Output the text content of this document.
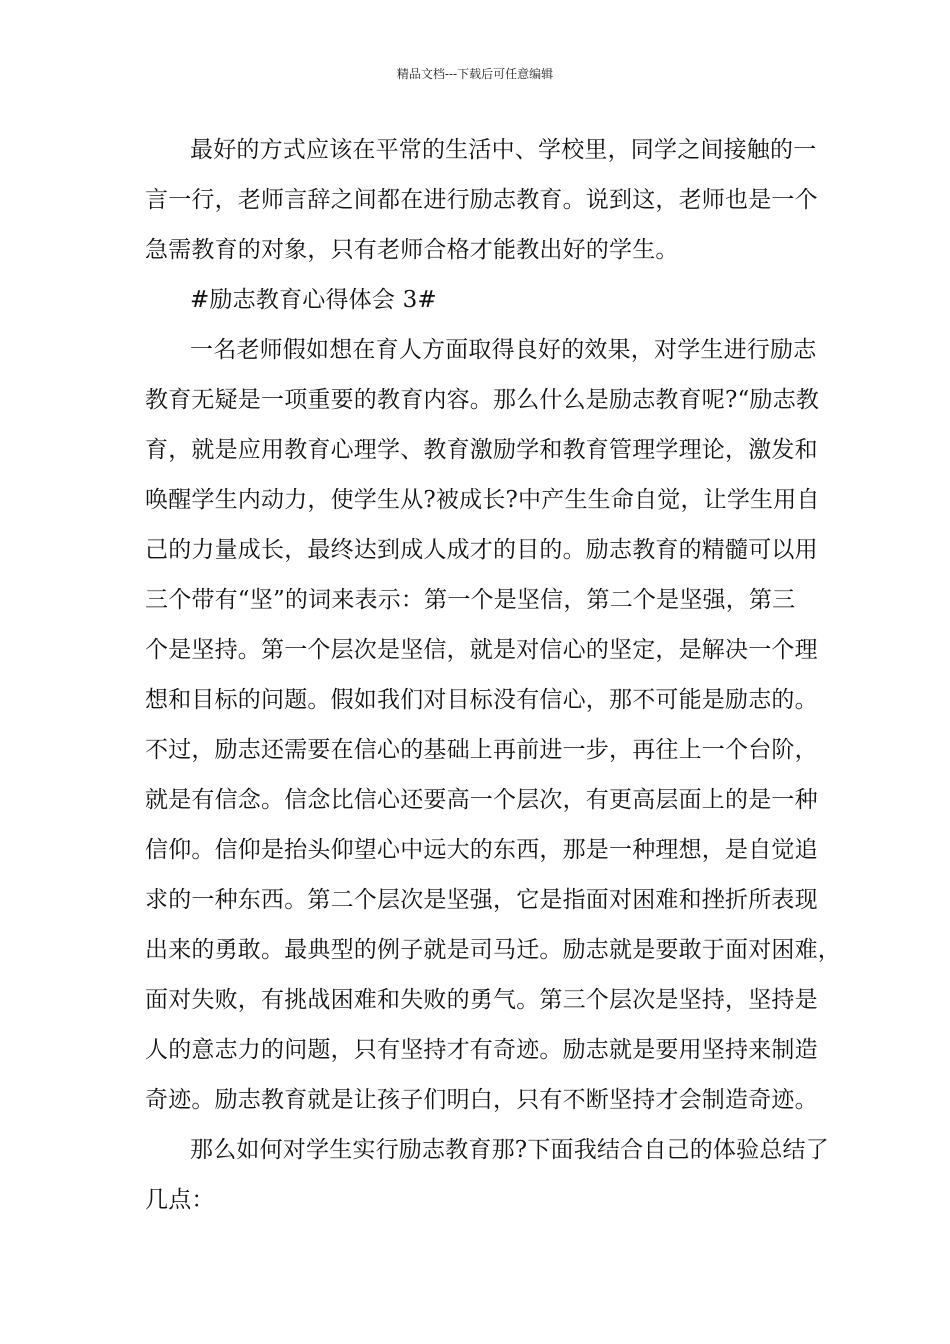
精品文档---下载后可任意编辑
最好的方式应该在平常的生活中、学校里，同学之间接触的一
言一行，老师言辞之间都在进行励志教育。说到这，老师也是一个
急需教育的对象，只有老师合格才能教出好的学生。
#励志教育心得体会 3#
一名老师假如想在育人方面取得良好的效果，对学生进行励志
教育无疑是一项重要的教育内容。那么什么是励志教育呢?“励志教
育，就是应用教育心理学、教育激励学和教育管理学理论，激发和
唤醒学生内动力，使学生从?被成长?中产生生命自觉，让学生用自
己的力量成长，最终达到成人成才的目的。励志教育的精髓可以用
三个带有“坚”的词来表示：第一个是坚信，第二个是坚强，第三
个是坚持。第一个层次是坚信，就是对信心的坚定，是解决一个理
想和目标的问题。假如我们对目标没有信心，那不可能是励志的。
不过，励志还需要在信心的基础上再前进一步，再往上一个台阶，
就是有信念。信念比信心还要高一个层次，有更高层面上的是一种
信仰。信仰是抬头仰望心中远大的东西，那是一种理想，是自觉追
求的一种东西。第二个层次是坚强，它是指面对困难和挫折所表现
出来的勇敢。最典型的例子就是司马迁。励志就是要敢于面对困难，
面对失败，有挑战困难和失败的勇气。第三个层次是坚持，坚持是
人的意志力的问题，只有坚持才有奇迹。励志就是要用坚持来制造
奇迹。励志教育就是让孩子们明白，只有不断坚持才会制造奇迹。
那么如何对学生实行励志教育那?下面我结合自己的体验总结了
几点：
